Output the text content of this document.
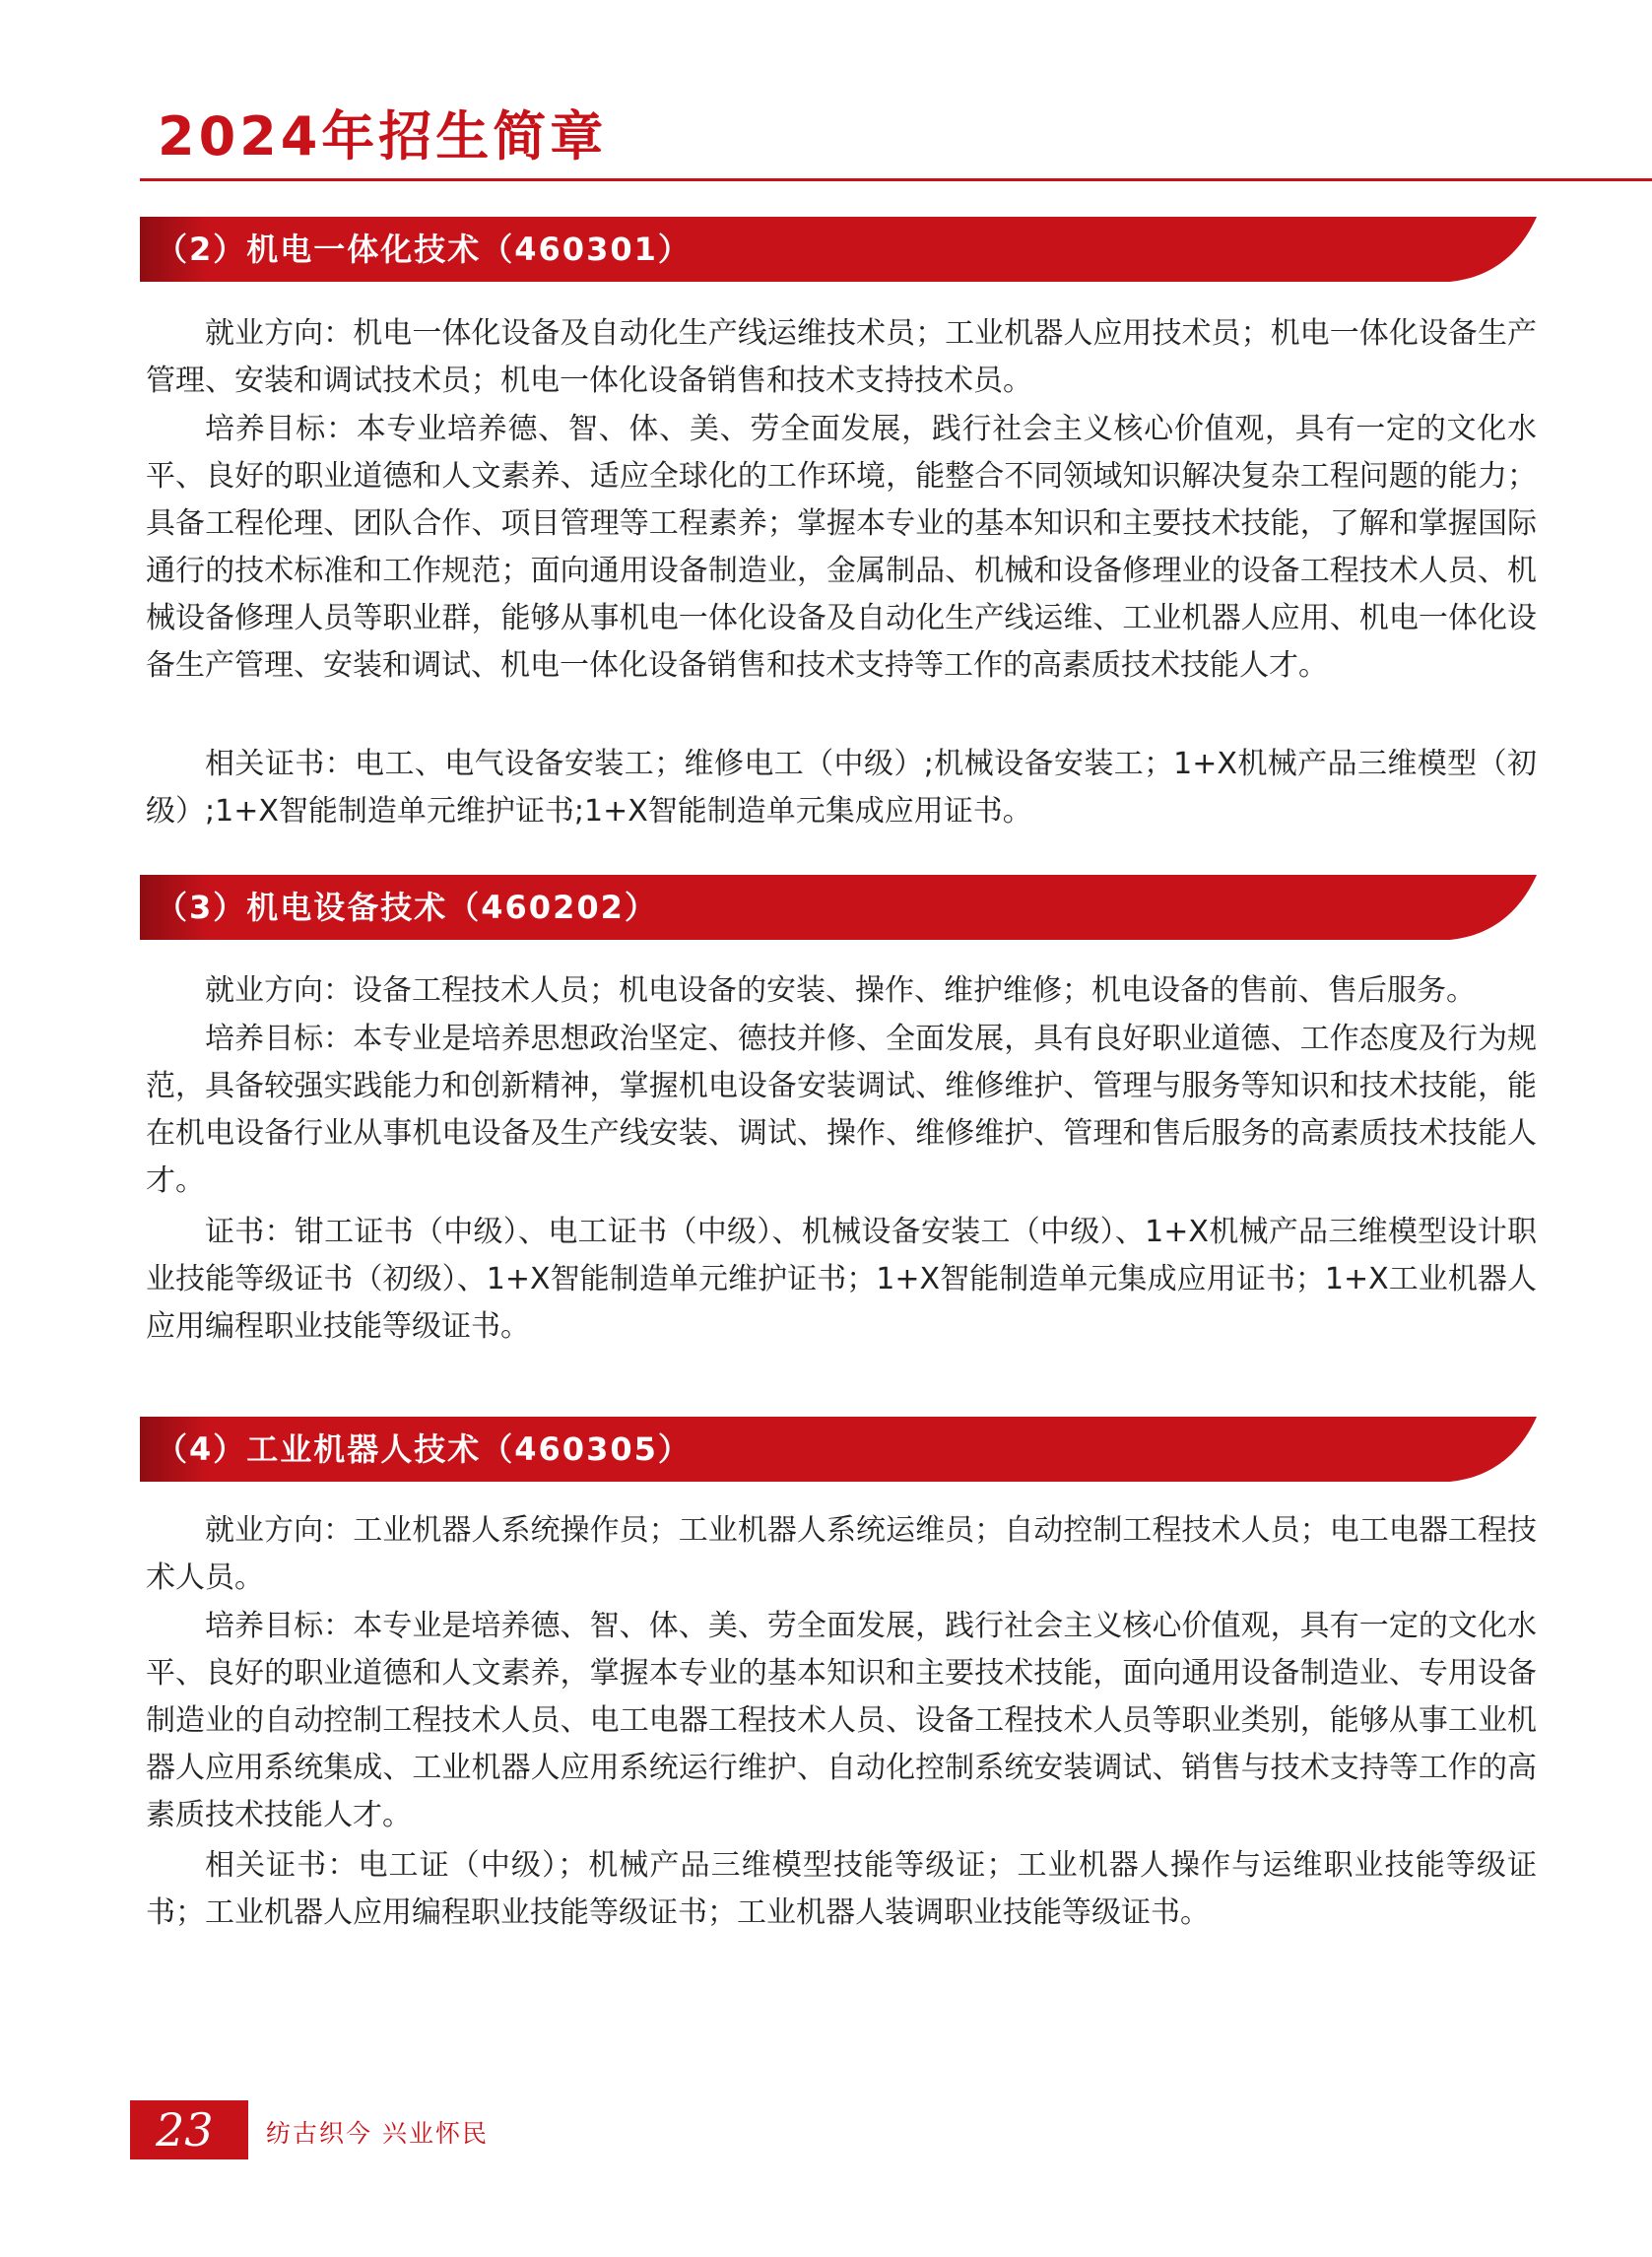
2024年招生简章
（2）机电一体化技术（460301）

就业方向：机电一体化设备及自动化生产线运维技术员；工业机器人应用技术员；机电一体化设备生产管理、安装和调试技术员；机电一体化设备销售和技术支持技术员。

培养目标：本专业培养德、智、体、美、劳全面发展，践行社会主义核心价值观，具有一定的文化水平、良好的职业道德和人文素养、适应全球化的工作环境，能整合不同领域知识解决复杂工程问题的能力；具备工程伦理、团队合作、项目管理等工程素养；掌握本专业的基本知识和主要技术技能，了解和掌握国际通行的技术标准和工作规范；面向通用设备制造业，金属制品、机械和设备修理业的设备工程技术人员、机械设备修理人员等职业群，能够从事机电一体化设备及自动化生产线运维、工业机器人应用、机电一体化设备生产管理、安装和调试、机电一体化设备销售和技术支持等工作的高素质技术技能人才。

相关证书：电工、电气设备安装工；维修电工（中级）;机械设备安装工；1+X机械产品三维模型（初级）;1+X智能制造单元维护证书;1+X智能制造单元集成应用证书。

（3）机电设备技术（460202）

就业方向：设备工程技术人员；机电设备的安装、操作、维护维修；机电设备的售前、售后服务。

培养目标：本专业是培养思想政治坚定、德技并修、全面发展，具有良好职业道德、工作态度及行为规范，具备较强实践能力和创新精神，掌握机电设备安装调试、维修维护、管理与服务等知识和技术技能，能在机电设备行业从事机电设备及生产线安装、调试、操作、维修维护、管理和售后服务的高素质技术技能人才。

证书：钳工证书（中级）、电工证书（中级）、机械设备安装工（中级）、1+X机械产品三维模型设计职业技能等级证书（初级）、1+X智能制造单元维护证书；1+X智能制造单元集成应用证书；1+X工业机器人应用编程职业技能等级证书。

（4）工业机器人技术（460305）

就业方向：工业机器人系统操作员；工业机器人系统运维员；自动控制工程技术人员；电工电器工程技术人员。

培养目标：本专业是培养德、智、体、美、劳全面发展，践行社会主义核心价值观，具有一定的文化水平、良好的职业道德和人文素养，掌握本专业的基本知识和主要技术技能，面向通用设备制造业、专用设备制造业的自动控制工程技术人员、电工电器工程技术人员、设备工程技术人员等职业类别，能够从事工业机器人应用系统集成、工业机器人应用系统运行维护、自动化控制系统安装调试、销售与技术支持等工作的高素质技术技能人才。

相关证书：电工证（中级）；机械产品三维模型技能等级证；工业机器人操作与运维职业技能等级证书；工业机器人应用编程职业技能等级证书；工业机器人装调职业技能等级证书。

23 纺古织今 兴业怀民
